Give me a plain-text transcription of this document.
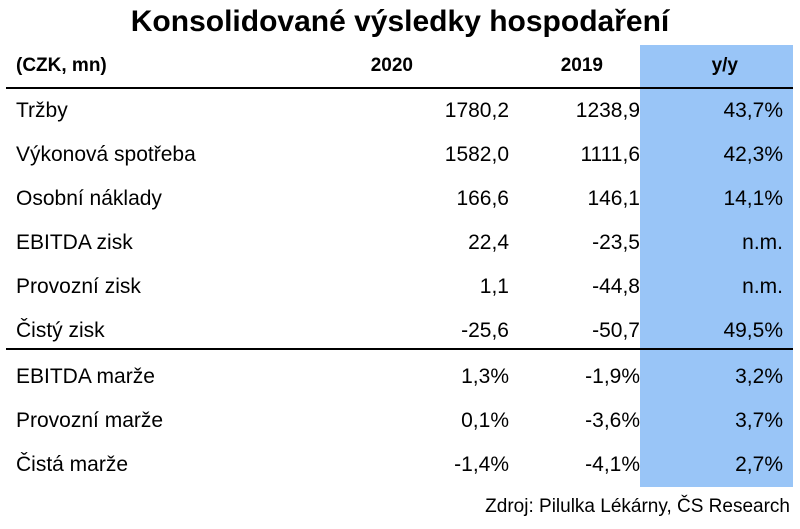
Konsolidované výsledky hospodaření
(CZK, mn)	2020	2019	y/y
Tržby	1780,2	1238,9	43,7%
Výkonová spotřeba	1582,0	1111,6	42,3%
Osobní náklady	166,6	146,1	14,1%
EBITDA zisk	22,4	-23,5	n.m.
Provozní zisk	1,1	-44,8	n.m.
Čistý zisk	-25,6	-50,7	49,5%
EBITDA marže	1,3%	-1,9%	3,2%
Provozní marže	0,1%	-3,6%	3,7%
Čistá marže	-1,4%	-4,1%	2,7%
Zdroj: Pilulka Lékárny, ČS Research
